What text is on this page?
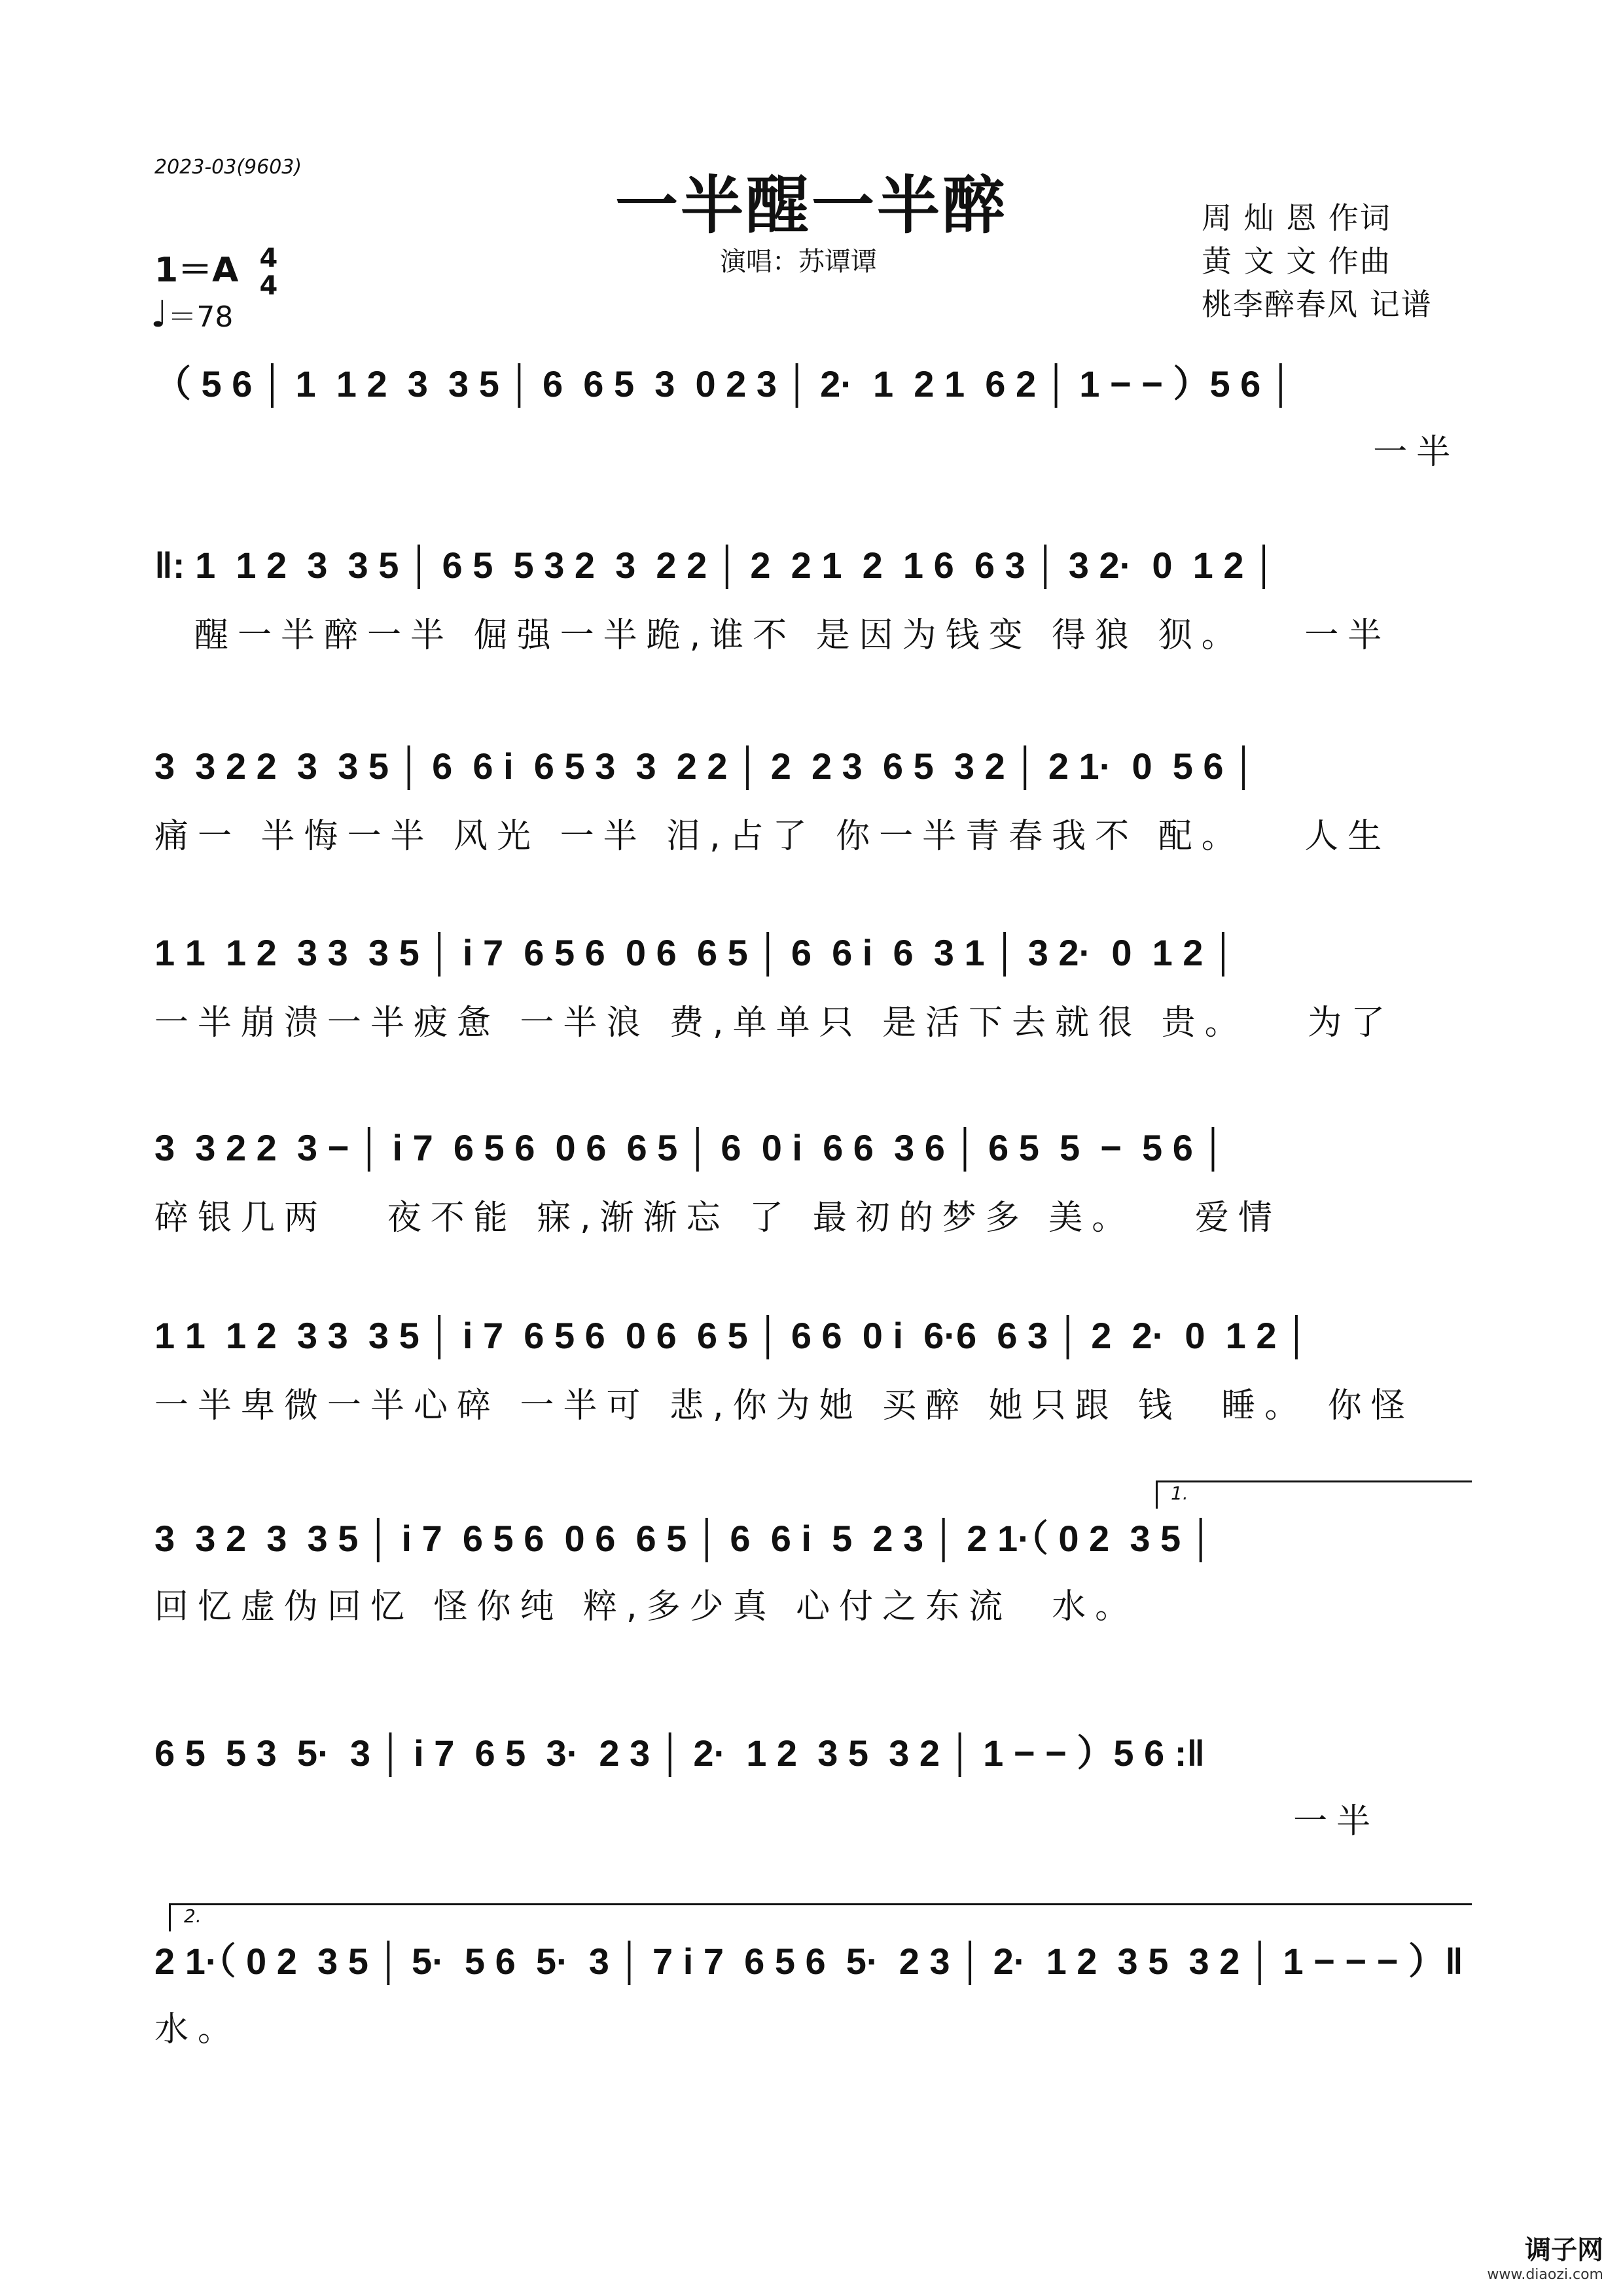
2023-03(9603)
一半醒一半醉
演唱：苏谭谭
周 灿 恩 作词
黄 文 文 作曲
桃李醉春风 记谱
1＝A 4
4
♩＝78
（ 5 6 │ 1  1 2  3  3 5 │ 6  6 5  3  0 2 3 │ 2·  1  2 1  6 2 │ 1 − − ）5 6 │
一半
‖: 1  1 2  3  3 5 │ 6 5  5 3 2  3  2 2 │ 2  2 1  2  1 6  6 3 │ 3 2·  0  1 2 │
醒一半醉一半 倔强一半跪,谁不 是因为钱变 得狼 狈。   一半
3  3 2 2  3  3 5 │ 6  6 i  6 5 3  3  2 2 │ 2  2 3  6 5  3 2 │ 2 1·  0  5 6 │
痛一 半悔一半 风光 一半 泪,占了 你一半青春我不 配。   人生
1 1  1 2  3 3  3 5 │ i 7  6 5 6  0 6  6 5 │ 6  6 i  6  3 1 │ 3 2·  0  1 2 │
一半崩溃一半疲惫 一半浪 费,单单只 是活下去就很 贵。   为了
3  3 2 2  3 − │ i 7  6 5 6  0 6  6 5 │ 6  0 i  6 6  3 6 │ 6 5  5  −  5 6 │
碎银几两   夜不能 寐,渐渐忘 了 最初的梦多 美。   爱情
1 1  1 2  3 3  3 5 │ i 7  6 5 6  0 6  6 5 │ 6 6  0 i  6·6  6 3 │ 2  2·  0  1 2 │
一半卑微一半心碎 一半可 悲,你为她 买醉 她只跟 钱  睡。 你怪
1.
3  3 2  3  3 5 │ i 7  6 5 6  0 6  6 5 │ 6  6 i  5  2 3 │ 2 1·（ 0 2  3 5 │
回忆虚伪回忆 怪你纯 粹,多少真 心付之东流  水。
6 5  5 3  5·  3 │ i 7  6 5  3·  2 3 │ 2·  1 2  3 5  3 2 │ 1 − − ）5 6 :‖
一半
2.
2 1·（ 0 2  3 5 │ 5·  5 6  5·  3 │ 7 i 7  6 5 6  5·  2 3 │ 2·  1 2  3 5  3 2 │ 1 − − − ）‖
水。
调子网
www.diaozi.com
